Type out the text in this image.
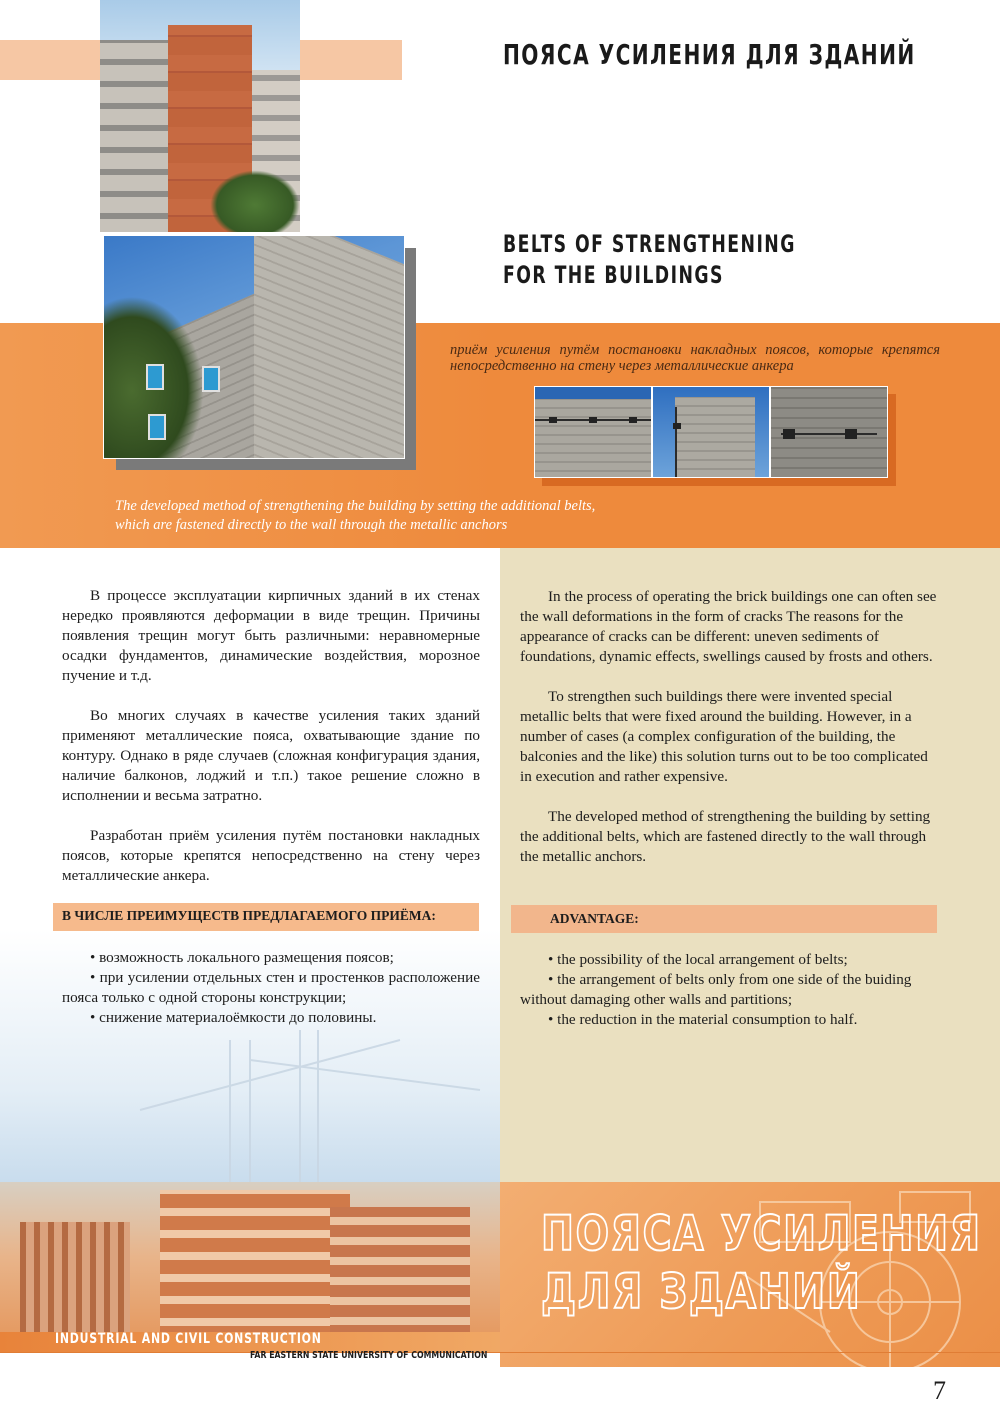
ПОЯСА УСИЛЕНИЯ ДЛЯ ЗДАНИЙ
BELTS OF STRENGTHENING
FOR THE BUILDINGS
приём усиления путём постановки накладных поясов, которые крепятся непосредственно на стену через металлические анкера
The developed method of strengthening the building by setting the additional belts,
which are fastened directly to the wall through the metallic anchors

В процессе эксплуатации кирпичных зданий в их стенах нередко проявляются деформации в виде трещин. Причины появления трещин могут быть различными: неравномерные осадки фундаментов, динамические воздействия, морозное пучение и т.д.

Во многих случаях в качестве усиления таких зданий применяют металлические пояса, охватывающие здание по контуру. Однако в ряде случаев (сложная конфигурация здания, наличие балконов, лоджий и т.п.) такое решение сложно в исполнении и весьма затратно.

Разработан приём усиления путём постановки накладных поясов, которые крепятся непосредственно на стену через металлические анкера.

В ЧИСЛЕ ПРЕИМУЩЕСТВ ПРЕДЛАГАЕМОГО ПРИЁМА:

• возможность локального размещения поясов;

• при усилении отдельных стен и простенков расположение пояса только с одной стороны конструкции;

• снижение материалоёмкости до половины.

In the process of operating the brick buildings one can often see the wall deformations in the form of cracks The reasons for the appearance of cracks can be different: uneven sediments of foundations, dynamic effects, swellings caused by frosts and others.

To strengthen such buildings there were invented special metallic belts that were fixed around the building. However, in a number of cases (a complex configuration of the building, the balconies and the like) this solution turns out to be too complicated in execution and rather expensive.

The developed method of strengthening the building by setting the additional belts, which are fastened directly to the wall through the metallic anchors.

ADVANTAGE:

• the possibility of the local arrangement of belts;

• the arrangement of belts only from one side of the buiding without damaging other walls and partitions;

• the reduction in the material consumption to half.

ПОЯСА УСИЛЕНИЯ
ДЛЯ ЗДАНИЙ
INDUSTRIAL AND CIVIL CONSTRUCTION
FAR EASTERN STATE UNIVERSITY OF COMMUNICATION
7
